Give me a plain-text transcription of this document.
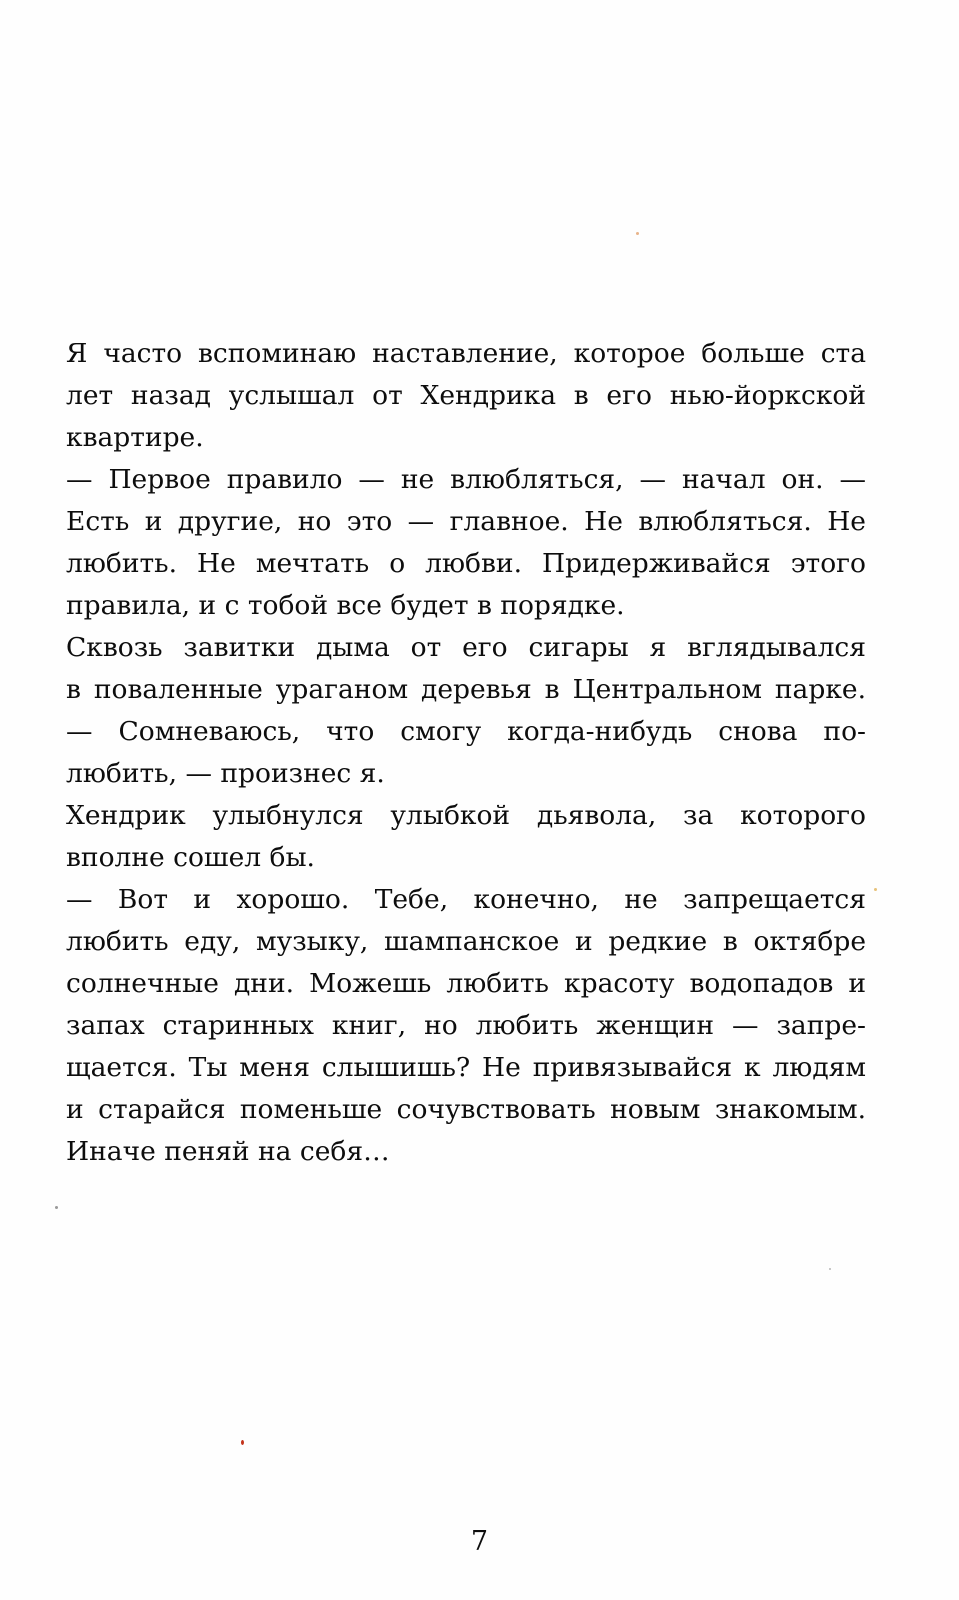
Я часто вспоминаю наставление, которое больше ста
лет назад услышал от Хендрика в его нью-йоркской
квартире.
— Первое правило — не влюбляться, — начал он. —
Есть и другие, но это — главное. Не влюбляться. Не
любить. Не мечтать о любви. Придерживайся этого
правила, и с тобой все будет в порядке.
Сквозь завитки дыма от его сигары я вглядывался
в поваленные ураганом деревья в Центральном парке.
— Сомневаюсь, что смогу когда-нибудь снова по-
любить, — произнес я.
Хендрик улыбнулся улыбкой дьявола, за которого
вполне сошел бы.
— Вот и хорошо. Тебе, конечно, не запрещается
любить еду, музыку, шампанское и редкие в октябре
солнечные дни. Можешь любить красоту водопадов и
запах старинных книг, но любить женщин — запре-
щается. Ты меня слышишь? Не привязывайся к людям
и старайся поменьше сочувствовать новым знакомым.
Иначе пеняй на себя…
7
